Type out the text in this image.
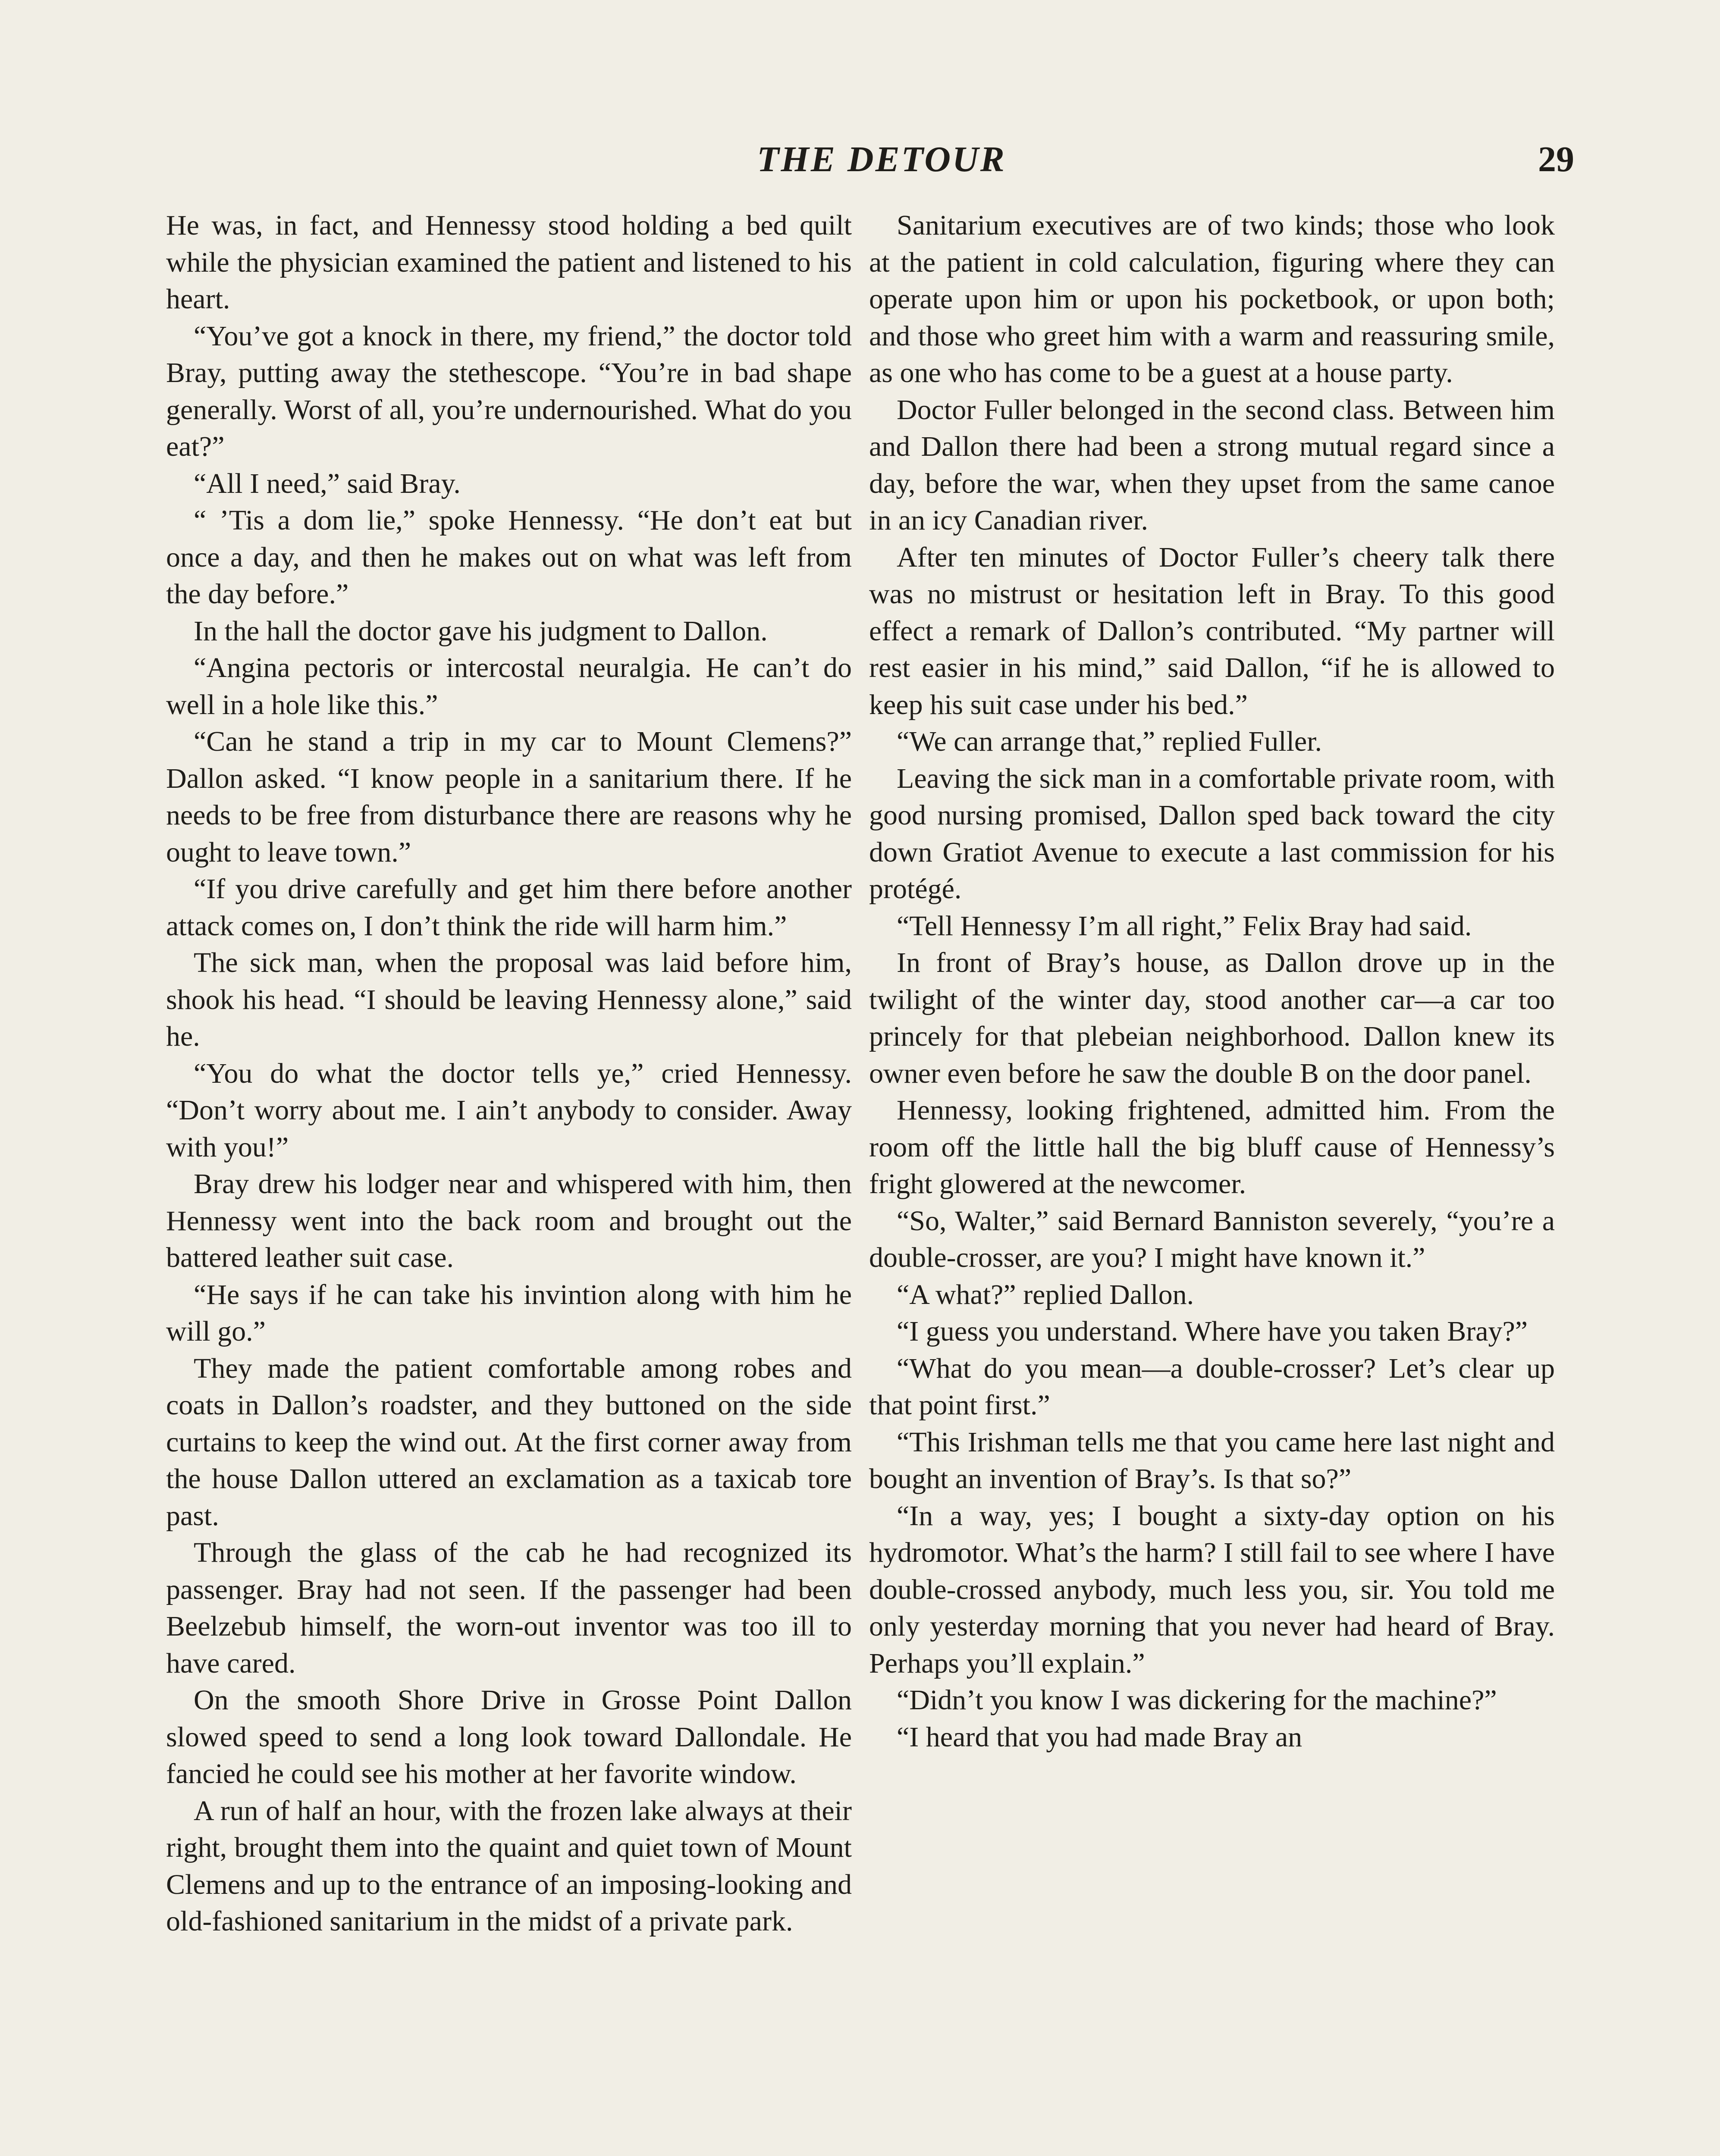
THE DETOUR	29

He was, in fact, and Hennessy stood holding a bed quilt while the physician examined the patient and listened to his heart.

“You’ve got a knock in there, my friend,” the doctor told Bray, putting away the stethescope. “You’re in bad shape generally. Worst of all, you’re undernourished. What do you eat?”

“All I need,” said Bray.

“ ’Tis a dom lie,” spoke Hennessy. “He don’t eat but once a day, and then he makes out on what was left from the day before.”

In the hall the doctor gave his judgment to Dallon.

“Angina pectoris or intercostal neuralgia. He can’t do well in a hole like this.”

“Can he stand a trip in my car to Mount Clemens?” Dallon asked. “I know people in a sanitarium there. If he needs to be free from disturbance there are reasons why he ought to leave town.”

“If you drive carefully and get him there before another attack comes on, I don’t think the ride will harm him.”

The sick man, when the proposal was laid before him, shook his head. “I should be leaving Hennessy alone,” said he.

“You do what the doctor tells ye,” cried Hennessy. “Don’t worry about me. I ain’t anybody to consider. Away with you!”

Bray drew his lodger near and whispered with him, then Hennessy went into the back room and brought out the battered leather suit case.

“He says if he can take his invintion along with him he will go.”

They made the patient comfortable among robes and coats in Dallon’s roadster, and they buttoned on the side curtains to keep the wind out. At the first corner away from the house Dallon uttered an exclamation as a taxicab tore past.

Through the glass of the cab he had recognized its passenger. Bray had not seen. If the passenger had been Beelzebub himself, the worn-out inventor was too ill to have cared.

On the smooth Shore Drive in Grosse Point Dallon slowed speed to send a long look toward Dallondale. He fancied he could see his mother at her favorite window.

A run of half an hour, with the frozen lake always at their right, brought them into the quaint and quiet town of Mount Clemens and up to the entrance of an imposing-looking and old-fashioned sanitarium in the midst of a private park.

Sanitarium executives are of two kinds; those who look at the patient in cold calculation, figuring where they can operate upon him or upon his pocketbook, or upon both; and those who greet him with a warm and reassuring smile, as one who has come to be a guest at a house party.

Doctor Fuller belonged in the second class. Between him and Dallon there had been a strong mutual regard since a day, before the war, when they upset from the same canoe in an icy Canadian river.

After ten minutes of Doctor Fuller’s cheery talk there was no mistrust or hesitation left in Bray. To this good effect a remark of Dallon’s contributed. “My partner will rest easier in his mind,” said Dallon, “if he is allowed to keep his suit case under his bed.”

“We can arrange that,” replied Fuller.

Leaving the sick man in a comfortable private room, with good nursing promised, Dallon sped back toward the city down Gratiot Avenue to execute a last commission for his protégé.

“Tell Hennessy I’m all right,” Felix Bray had said.

In front of Bray’s house, as Dallon drove up in the twilight of the winter day, stood another car—a car too princely for that plebeian neighborhood. Dallon knew its owner even before he saw the double B on the door panel.

Hennessy, looking frightened, admitted him. From the room off the little hall the big bluff cause of Hennessy’s fright glowered at the newcomer.

“So, Walter,” said Bernard Banniston severely, “you’re a double-crosser, are you? I might have known it.”

“A what?” replied Dallon.

“I guess you understand. Where have you taken Bray?”

“What do you mean—a double-crosser? Let’s clear up that point first.”

“This Irishman tells me that you came here last night and bought an invention of Bray’s. Is that so?”

“In a way, yes; I bought a sixty-day option on his hydromotor. What’s the harm? I still fail to see where I have double-crossed anybody, much less you, sir. You told me only yesterday morning that you never had heard of Bray. Perhaps you’ll explain.”

“Didn’t you know I was dickering for the machine?”

“I heard that you had made Bray an
